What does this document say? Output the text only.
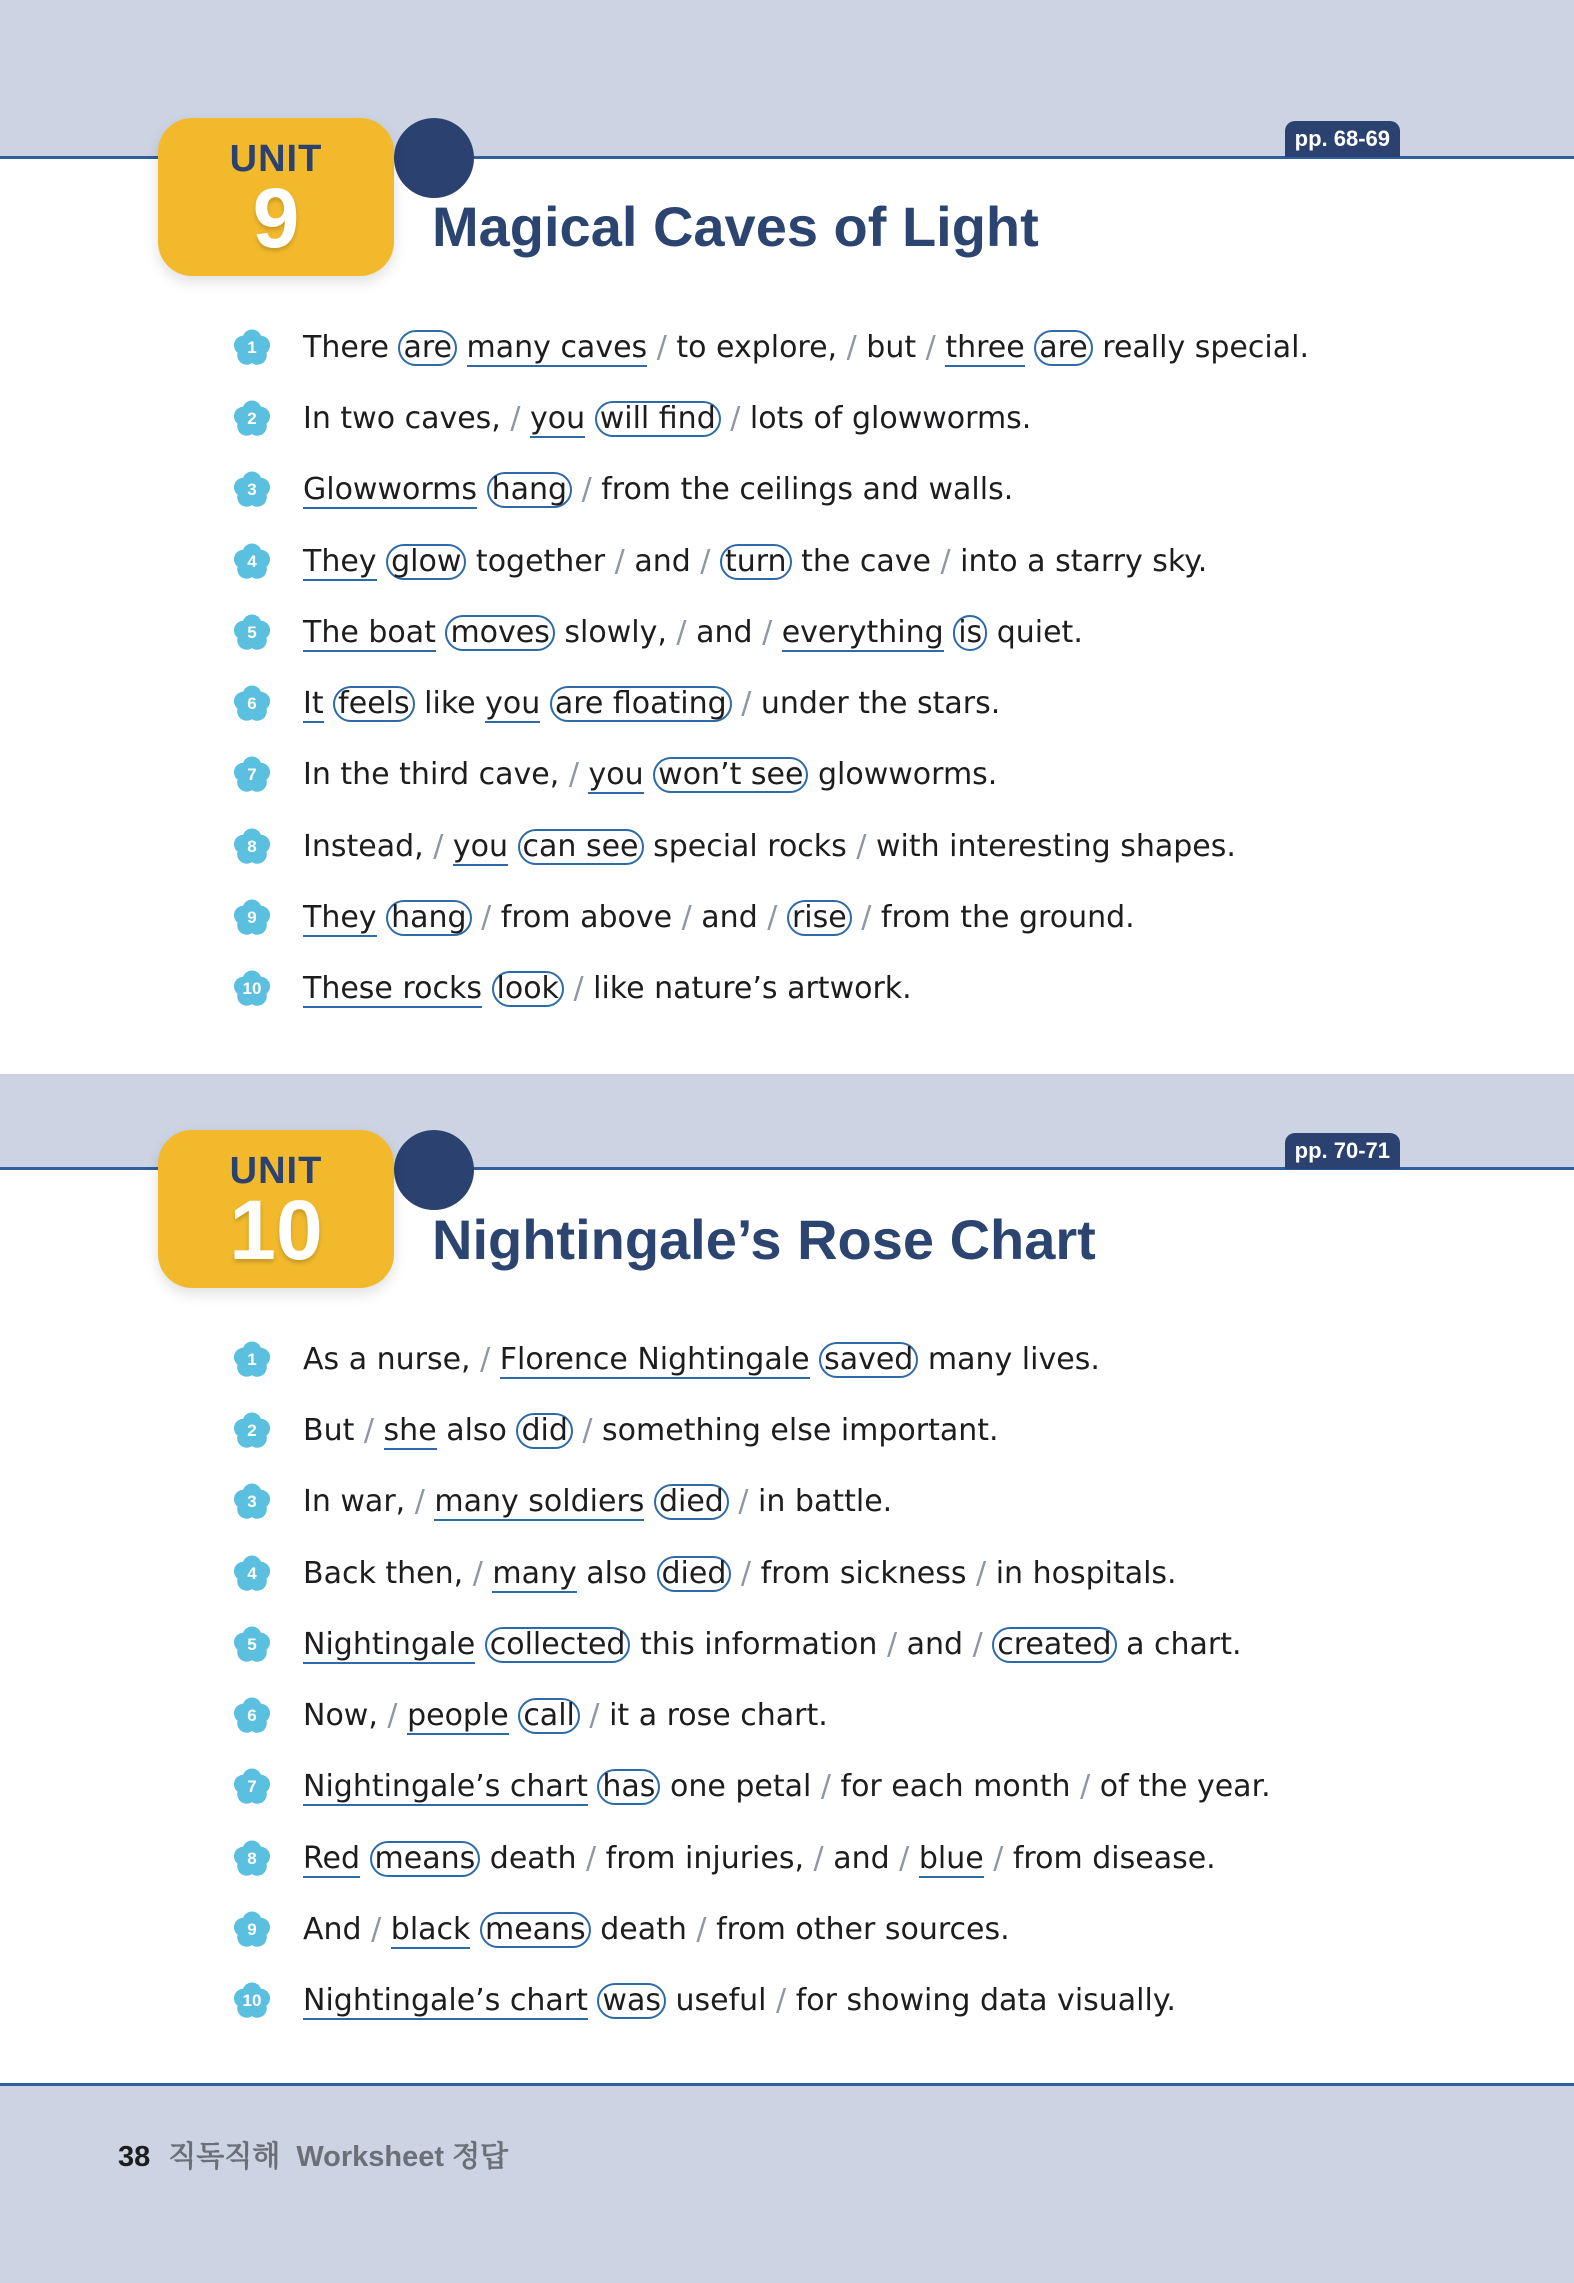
UNIT
9
pp. 68-69
Magical Caves of Light
1	There are many caves / to explore, / but / three are really special.
2	In two caves, / you will find / lots of glowworms.
3	Glowworms hang / from the ceilings and walls.
4	They glow together / and / turn the cave / into a starry sky.
5	The boat moves slowly, / and / everything is quiet.
6	It feels like you are floating / under the stars.
7	In the third cave, / you won’t see glowworms.
8	Instead, / you can see special rocks / with interesting shapes.
9	They hang / from above / and / rise / from the ground.
10	These rocks look / like nature’s artwork.
UNIT
10
pp. 70-71
Nightingale’s Rose Chart
1	As a nurse, / Florence Nightingale saved many lives.
2	But / she also did / something else important.
3	In war, / many soldiers died / in battle.
4	Back then, / many also died / from sickness / in hospitals.
5	Nightingale collected this information / and / created a chart.
6	Now, / people call / it a rose chart.
7	Nightingale’s chart has one petal / for each month / of the year.
8	Red means death / from injuries, / and / blue / from disease.
9	And / black means death / from other sources.
10	Nightingale’s chart was useful / for showing data visually.
38 직독직해 Worksheet 정답
